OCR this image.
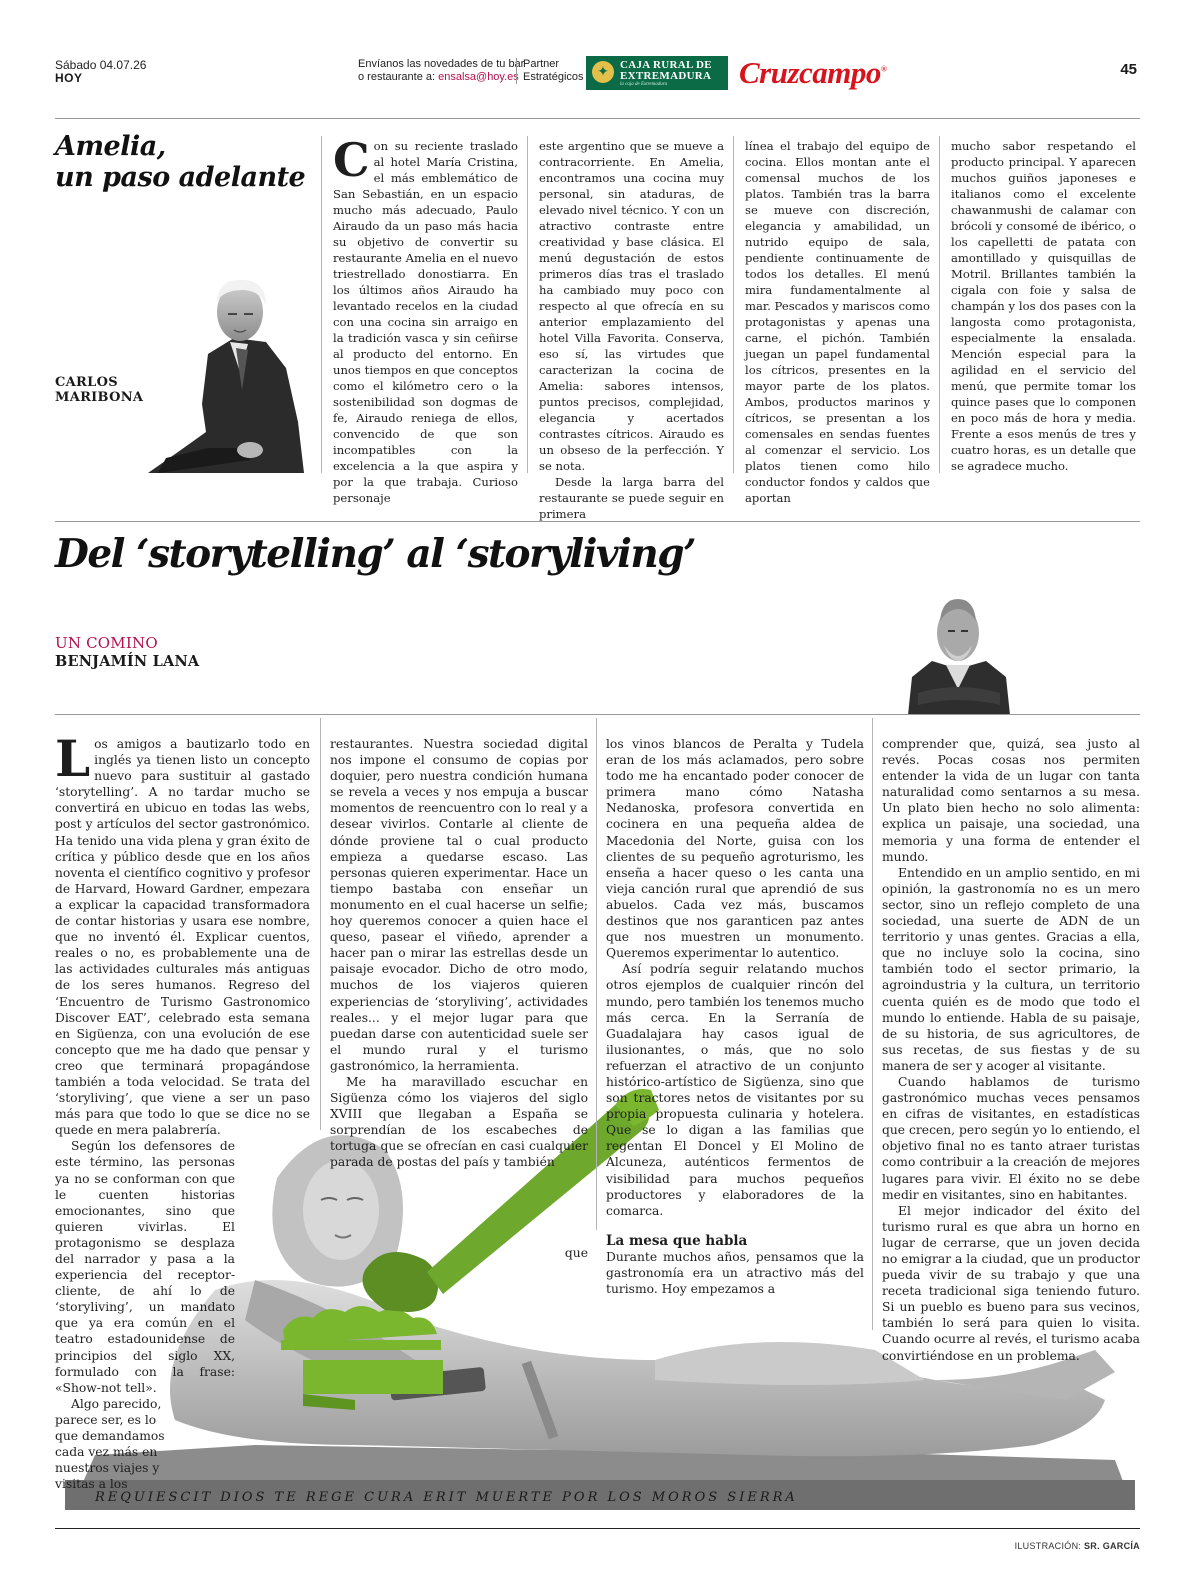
Sábado 04.07.26
HOY
Envíanos las novedades de tu bar
o restaurante a: ensalsa@hoy.es
Partner
Estratégicos ✦	CAJA RURAL DE
EXTREMADURA
la caja de Extremadura Cruzcampo®	45
Amelia,
un paso adelante
CARLOS
MARIBONA
Con su reciente traslado al hotel María Cristina, el más emblemático de San Sebastián, en un espacio mucho más adecuado, Paulo Airaudo da un paso más hacia su objetivo de convertir su restaurante Amelia en el nuevo triestrellado donostiarra. En los últimos años Airaudo ha levantado recelos en la ciudad con una cocina sin arraigo en la tradición vasca y sin ceñirse al producto del entorno. En unos tiempos en que conceptos como el kilómetro cero o la sostenibilidad son dogmas de fe, Airaudo reniega de ellos, convencido de que son incompatibles con la excelencia a la que aspira y por la que trabaja. Curioso personaje

este argentino que se mueve a contracorriente. En Amelia, encontramos una cocina muy personal, sin ataduras, de elevado nivel técnico. Y con un atractivo contraste entre creatividad y base clásica. El menú degustación de estos primeros días tras el traslado ha cambiado muy poco con respecto al que ofrecía en su anterior emplazamiento del hotel Villa Favorita. Conserva, eso sí, las virtudes que caracterizan la cocina de Amelia: sabores intensos, puntos precisos, complejidad, elegancia y acertados contrastes cítricos. Airaudo es un obseso de la perfección. Y se nota.

Desde la larga barra del restaurante se puede seguir en primera

línea el trabajo del equipo de cocina. Ellos montan ante el comensal muchos de los platos. También tras la barra se mueve con discreción, elegancia y amabilidad, un nutrido equipo de sala, pendiente continuamente de todos los detalles. El menú mira fundamentalmente al mar. Pescados y mariscos como protagonistas y apenas una carne, el pichón. También juegan un papel fundamental los cítricos, presentes en la mayor parte de los platos. Ambos, productos marinos y cítricos, se presentan a los comensales en sendas fuentes al comenzar el servicio. Los platos tienen como hilo conductor fondos y caldos que aportan

mucho sabor respetando el producto principal. Y aparecen muchos guiños japoneses e italianos como el excelente chawanmushi de calamar con brócoli y consomé de ibérico, o los capelletti de patata con amontillado y quisquillas de Motril. Brillantes también la cigala con foie y salsa de champán y los dos pases con la langosta como protagonista, especialmente la ensalada. Mención especial para la agilidad en el servicio del menú, que permite tomar los quince pases que lo componen en poco más de hora y media. Frente a esos menús de tres y cuatro horas, es un detalle que se agradece mucho.

Del ‘storytelling’ al ‘storyliving’
UN COMINO
BENJAMÍN LANA
REQUIESCIT DIOS TE REGE CURA ERIT MUERTE POR LOS MOROS SIERRA
Los amigos a bautizarlo todo en inglés ya tienen listo un concepto nuevo para sustituir al gastado ‘storytelling’. A no tardar mucho se convertirá en ubicuo en todas las webs, post y artículos del sector gastronómico. Ha tenido una vida plena y gran éxito de crítica y público desde que en los años noventa el científico cognitivo y profesor de Harvard, Howard Gardner, empezara a explicar la capacidad transformadora de contar historias y usara ese nombre, que no inventó él. Explicar cuentos, reales o no, es probablemente una de las actividades culturales más antiguas de los seres humanos. Regreso del ‘Encuentro de Turismo Gastronomico Discover EAT’, celebrado esta semana en Sigüenza, con una evolución de ese concepto que me ha dado que pensar y creo que terminará propagándose también a toda velocidad. Se trata del ‘storyliving’, que viene a ser un paso más para que todo lo que se dice no se quede en mera palabrería.

Según los defensores de este término, las personas ya no se conforman con que le cuenten historias emocionantes, sino que quieren vivirlas. El protagonismo se desplaza del narrador y pasa a la experiencia del receptor-cliente, de ahí lo de ‘storyliving’, un mandato que ya era común en el teatro estadounidense de principios del siglo XX, formulado con la frase: «Show-not tell».

Algo parecido, parece ser, es lo que demandamos cada vez más en nuestros viajes y visitas a los

restaurantes. Nuestra sociedad digital nos impone el consumo de copias por doquier, pero nuestra condición humana se revela a veces y nos empuja a buscar momentos de reencuentro con lo real y a desear vivirlos. Contarle al cliente de dónde proviene tal o cual producto empieza a quedarse escaso. Las personas quieren experimentar. Hace un tiempo bastaba con enseñar un monumento en el cual hacerse un selfie; hoy queremos conocer a quien hace el queso, pasear el viñedo, aprender a hacer pan o mirar las estrellas desde un paisaje evocador. Dicho de otro modo, muchos de los viajeros quieren experiencias de ‘storyliving’, actividades reales... y el mejor lugar para que puedan darse con autenticidad suele ser el mundo rural y el turismo gastronómico, la herramienta.

Me ha maravillado escuchar en Sigüenza cómo los viajeros del siglo XVIII que llegaban a España se sorprendían de los escabeches de tortuga que se ofrecían en casi cualquier parada de postas del país y también

que

los vinos blancos de Peralta y Tudela eran de los más aclamados, pero sobre todo me ha encantado poder conocer de primera mano cómo Natasha Nedanoska, profesora convertida en cocinera en una pequeña aldea de Macedonia del Norte, guisa con los clientes de su pequeño agroturismo, les enseña a hacer queso o les canta una vieja canción rural que aprendió de sus abuelos. Cada vez más, buscamos destinos que nos garanticen paz antes que nos muestren un monumento. Queremos experimentar lo autentico.

Así podría seguir relatando muchos otros ejemplos de cualquier rincón del mundo, pero también los tenemos mucho más cerca. En la Serranía de Guadalajara hay casos igual de ilusionantes, o más, que no solo refuerzan el atractivo de un conjunto histórico-artístico de Sigüenza, sino que son tractores netos de visitantes por su propia propuesta culinaria y hotelera. Que se lo digan a las familias que regentan El Doncel y El Molino de Alcuneza, auténticos fermentos de visibilidad para muchos pequeños productores y elaboradores de la comarca.

La mesa que habla

Durante muchos años, pensamos que la gastronomía era un atractivo más del turismo. Hoy empezamos a

comprender que, quizá, sea justo al revés. Pocas cosas nos permiten entender la vida de un lugar con tanta naturalidad como sentarnos a su mesa. Un plato bien hecho no solo alimenta: explica un paisaje, una sociedad, una memoria y una forma de entender el mundo.

Entendido en un amplio sentido, en mi opinión, la gastronomía no es un mero sector, sino un reflejo completo de una sociedad, una suerte de ADN de un territorio y unas gentes. Gracias a ella, que no incluye solo la cocina, sino también todo el sector primario, la agroindustria y la cultura, un territorio cuenta quién es de modo que todo el mundo lo entiende. Habla de su paisaje, de su historia, de sus agricultores, de sus recetas, de sus fiestas y de su manera de ser y acoger al visitante.

Cuando hablamos de turismo gastronómico muchas veces pensamos en cifras de visitantes, en estadísticas que crecen, pero según yo lo entiendo, el objetivo final no es tanto atraer turistas como contribuir a la creación de mejores lugares para vivir. El éxito no se debe medir en visitantes, sino en habitantes.

El mejor indicador del éxito del turismo rural es que abra un horno en lugar de cerrarse, que un joven decida no emigrar a la ciudad, que un productor pueda vivir de su trabajo y que una receta tradicional siga teniendo futuro. Si un pueblo es bueno para sus vecinos, también lo será para quien lo visita. Cuando ocurre al revés, el turismo acaba convirtiéndose en un problema.

ILUSTRACIÓN: SR. GARCÍA
